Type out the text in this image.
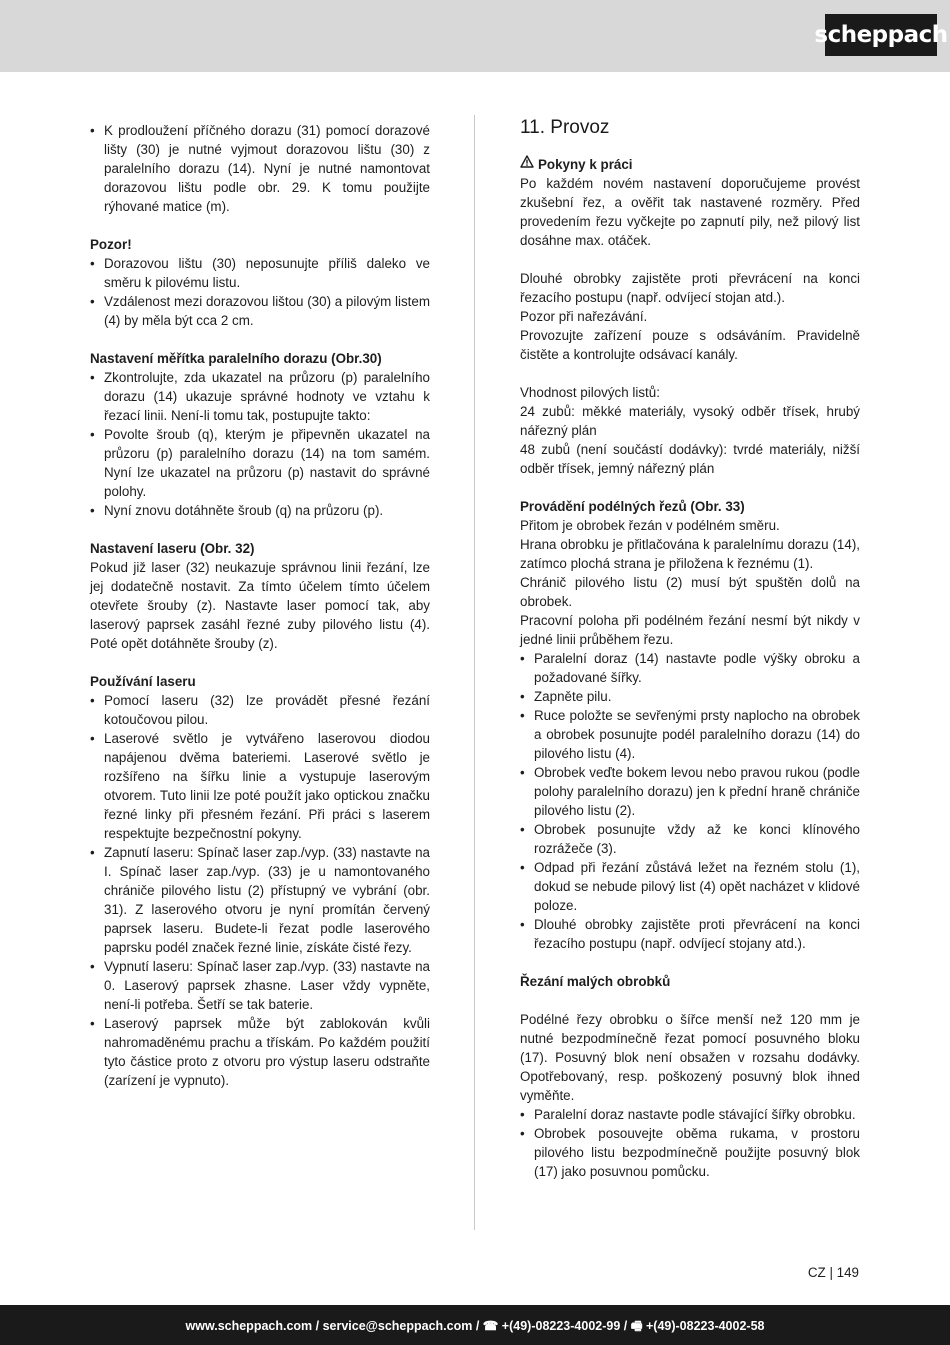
scheppach
• K prodloužení příčného dorazu (31) pomocí dorazové lišty (30) je nutné vyjmout dorazovou lištu (30) z paralelního dorazu (14). Nyní je nutné namontovat dorazovou lištu podle obr. 29. K tomu použijte rýhované matice (m).

Pozor!

• Dorazovou lištu (30) neposunujte příliš daleko ve směru k pilovému listu.
• Vzdálenost mezi dorazovou lištou (30) a pilovým listem (4) by měla být cca 2 cm.

Nastavení měřítka paralelního dorazu (Obr.30)

• Zkontrolujte, zda ukazatel na průzoru (p) paralelního dorazu (14) ukazuje správné hodnoty ve vztahu k řezací linii. Není-li tomu tak, postupujte takto:
• Povolte šroub (q), kterým je připevněn ukazatel na průzoru (p) paralelního dorazu (14) na tom samém. Nyní lze ukazatel na průzoru (p) nastavit do správné polohy.
• Nyní znovu dotáhněte šroub (q) na průzoru (p).

Nastavení laseru (Obr. 32)

Pokud již laser (32) neukazuje správnou linii řezání, lze jej dodatečně nostavit. Za tímto účelem tímto účelem otevřete šrouby (z). Nastavte laser pomocí tak, aby laserový paprsek zasáhl řezné zuby pilového listu (4). Poté opět dotáhněte šrouby (z).

Používání laseru

• Pomocí laseru (32) lze provádět přesné řezání kotoučovou pilou.
• Laserové světlo je vytvářeno laserovou diodou napájenou dvěma bateriemi. Laserové světlo je rozšířeno na šířku linie a vystupuje laserovým otvorem. Tuto linii lze poté použít jako optickou značku řezné linky při přesném řezání. Při práci s laserem respektujte bezpečnostní pokyny.
• Zapnutí laseru: Spínač laser zap./vyp. (33) nastavte na I. Spínač laser zap./vyp. (33) je u namontovaného chrániče pilového listu (2) přístupný ve vybrání (obr. 31). Z laserového otvoru je nyní promítán červený paprsek laseru. Budete-li řezat podle laserového paprsku podél značek řezné linie, získáte čisté řezy.
• Vypnutí laseru: Spínač laser zap./vyp. (33) nastavte na 0. Laserový paprsek zhasne. Laser vždy vypněte, není-li potřeba. Šetří se tak baterie.
• Laserový paprsek může být zablokován kvůli nahromaděnému prachu a třískám. Po každém použití tyto částice proto z otvoru pro výstup laseru odstraňte (zarízení je vypnuto).
11. Provoz
Pokyny k práci

Po každém novém nastavení doporučujeme provést zkušební řez, a ověřit tak nastavené rozměry. Před provedením řezu vyčkejte po zapnutí pily, než pilový list dosáhne max. otáček.

Dlouhé obrobky zajistěte proti převrácení na konci řezacího postupu (např. odvíjecí stojan atd.).

Pozor při nařezávání.

Provozujte zařízení pouze s odsáváním. Pravidelně čistěte a kontrolujte odsávací kanály.

Vhodnost pilových listů:

24 zubů: měkké materiály, vysoký odběr třísek, hrubý nářezný plán

48 zubů (není součástí dodávky): tvrdé materiály, nižší odběr třísek, jemný nářezný plán

Provádění podélných řezů (Obr. 33)

Přitom je obrobek řezán v podélném směru.

Hrana obrobku je přitlačována k paralelnímu dorazu (14), zatímco plochá strana je přiložena k řeznému (1).

Chránič pilového listu (2) musí být spuštěn dolů na obrobek.

Pracovní poloha při podélném řezání nesmí být nikdy v jedné linii průběhem řezu.

• Paralelní doraz (14) nastavte podle výšky obroku a požadované šířky.
• Zapněte pilu.
• Ruce položte se sevřenými prsty naplocho na obrobek a obrobek posunujte podél paralelního dorazu (14) do pilového listu (4).
• Obrobek veďte bokem levou nebo pravou rukou (podle polohy paralelního dorazu) jen k přední hraně chrániče pilového listu (2).
• Obrobek posunujte vždy až ke konci klínového rozrážeče (3).
• Odpad při řezání zůstává ležet na řezném stolu (1), dokud se nebude pilový list (4) opět nacházet v klidové poloze.
• Dlouhé obrobky zajistěte proti převrácení na konci řezacího postupu (např. odvíjecí stojany atd.).

Řezání malých obrobků

Podélné řezy obrobku o šířce menší než 120 mm je nutné bezpodmínečně řezat pomocí posuvného bloku (17). Posuvný blok není obsažen v rozsahu dodávky. Opotřebovaný, resp. poškozený posuvný blok ihned vyměňte.

• Paralelní doraz nastavte podle stávající šířky obrobku.
• Obrobek posouvejte oběma rukama, v prostoru pilového listu bezpodmínečně použijte posuvný blok (17) jako posuvnou pomůcku.
CZ | 149
www.scheppach.com / service@scheppach.com / ☎ +(49)-08223-4002-99 / 🖷 +(49)-08223-4002-58
